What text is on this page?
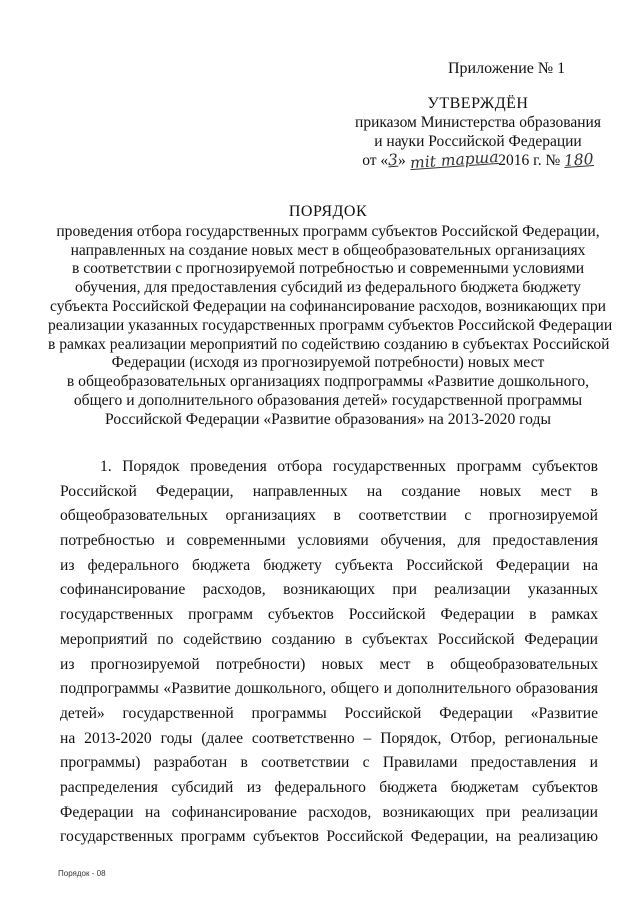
Приложение № 1
УТВЕРЖДЁН
приказом Министерства образования
и науки Российской Федерации
от «3» mit mаршa2016 г. № 180
ПОРЯДОК
проведения отбора государственных программ субъектов Российской Федерации,
направленных на создание новых мест в общеобразовательных организациях
в соответствии с прогнозируемой потребностью и современными условиями
обучения, для предоставления субсидий из федерального бюджета бюджету
субъекта Российской Федерации на софинансирование расходов, возникающих при
реализации указанных государственных программ субъектов Российской Федерации
в рамках реализации мероприятий по содействию созданию в субъектах Российской
Федерации (исходя из прогнозируемой потребности) новых мест
в общеобразовательных организациях подпрограммы «Развитие дошкольного,
общего и дополнительного образования детей» государственной программы
Российской Федерации «Развитие образования» на 2013-2020 годы
1. Порядок проведения отбора государственных программ субъектов
Российской Федерации, направленных на создание новых мест в
общеобразовательных организациях в соответствии с прогнозируемой
потребностью и современными условиями обучения, для предоставления
из федерального бюджета бюджету субъекта Российской Федерации на
софинансирование расходов, возникающих при реализации указанных
государственных программ субъектов Российской Федерации в рамках
мероприятий по содействию созданию в субъектах Российской Федерации
из прогнозируемой потребности) новых мест в общеобразовательных
подпрограммы «Развитие дошкольного, общего и дополнительного образования
детей» государственной программы Российской Федерации «Развитие
на 2013-2020 годы (далее соответственно – Порядок, Отбор, региональные
программы) разработан в соответствии с Правилами предоставления и
распределения субсидий из федерального бюджета бюджетам субъектов
Федерации на софинансирование расходов, возникающих при реализации
государственных программ субъектов Российской Федерации, на реализацию
Порядок - 08
